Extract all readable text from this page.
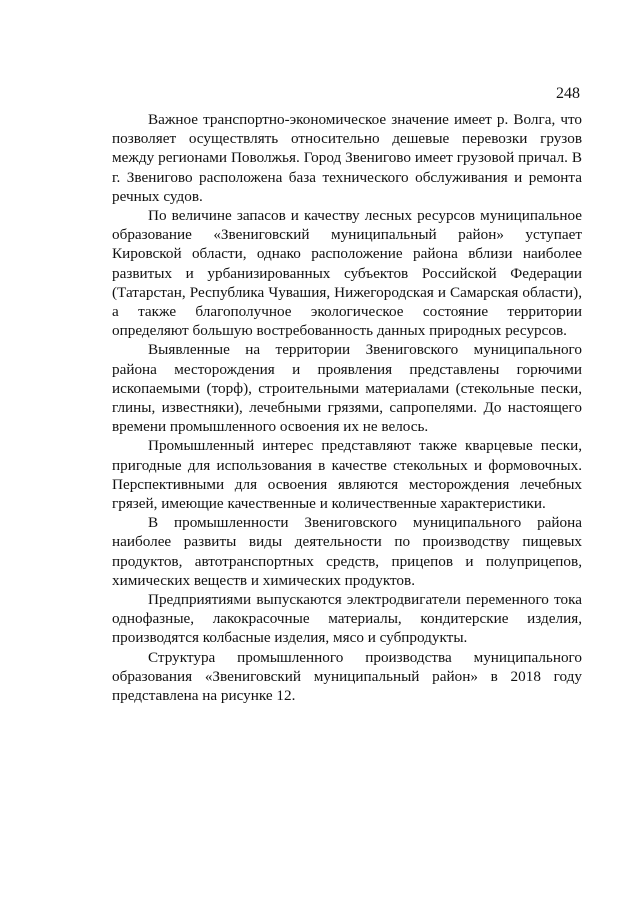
248

Важное транспортно-экономическое значение имеет р. Волга, что позволяет осуществлять относительно дешевые перевозки грузов между регионами Поволжья. Город Звенигово имеет грузовой причал. В г. Звенигово расположена база технического обслуживания и ремонта речных судов.

По величине запасов и качеству лесных ресурсов муниципальное образование «Звениговский муниципальный район» уступает Кировской области, однако расположение района вблизи наиболее развитых и урбанизированных субъектов Российской Федерации (Татарстан, Республика Чувашия, Нижегородская и Самарская области), а также благополучное экологическое состояние территории определяют большую востребованность данных природных ресурсов.

Выявленные на территории Звениговского муниципального района месторождения и проявления представлены горючими ископаемыми (торф), строительными материалами (стекольные пески, глины, известняки), лечебными грязями, сапропелями. До настоящего времени промышленного освоения их не велось.

Промышленный интерес представляют также кварцевые пески, пригодные для использования в качестве стекольных и формовочных. Перспективными для освоения являются месторождения лечебных грязей, имеющие качественные и количественные характеристики.

В промышленности Звениговского муниципального района наиболее развиты виды деятельности по производству пищевых продуктов, автотранспортных средств, прицепов и полуприцепов, химических веществ и химических продуктов.

Предприятиями выпускаются электродвигатели переменного тока однофазные, лакокрасочные материалы, кондитерские изделия, производятся колбасные изделия, мясо и субпродукты.

Структура промышленного производства муниципального образования «Звениговский муниципальный район» в 2018 году представлена на рисунке 12.
